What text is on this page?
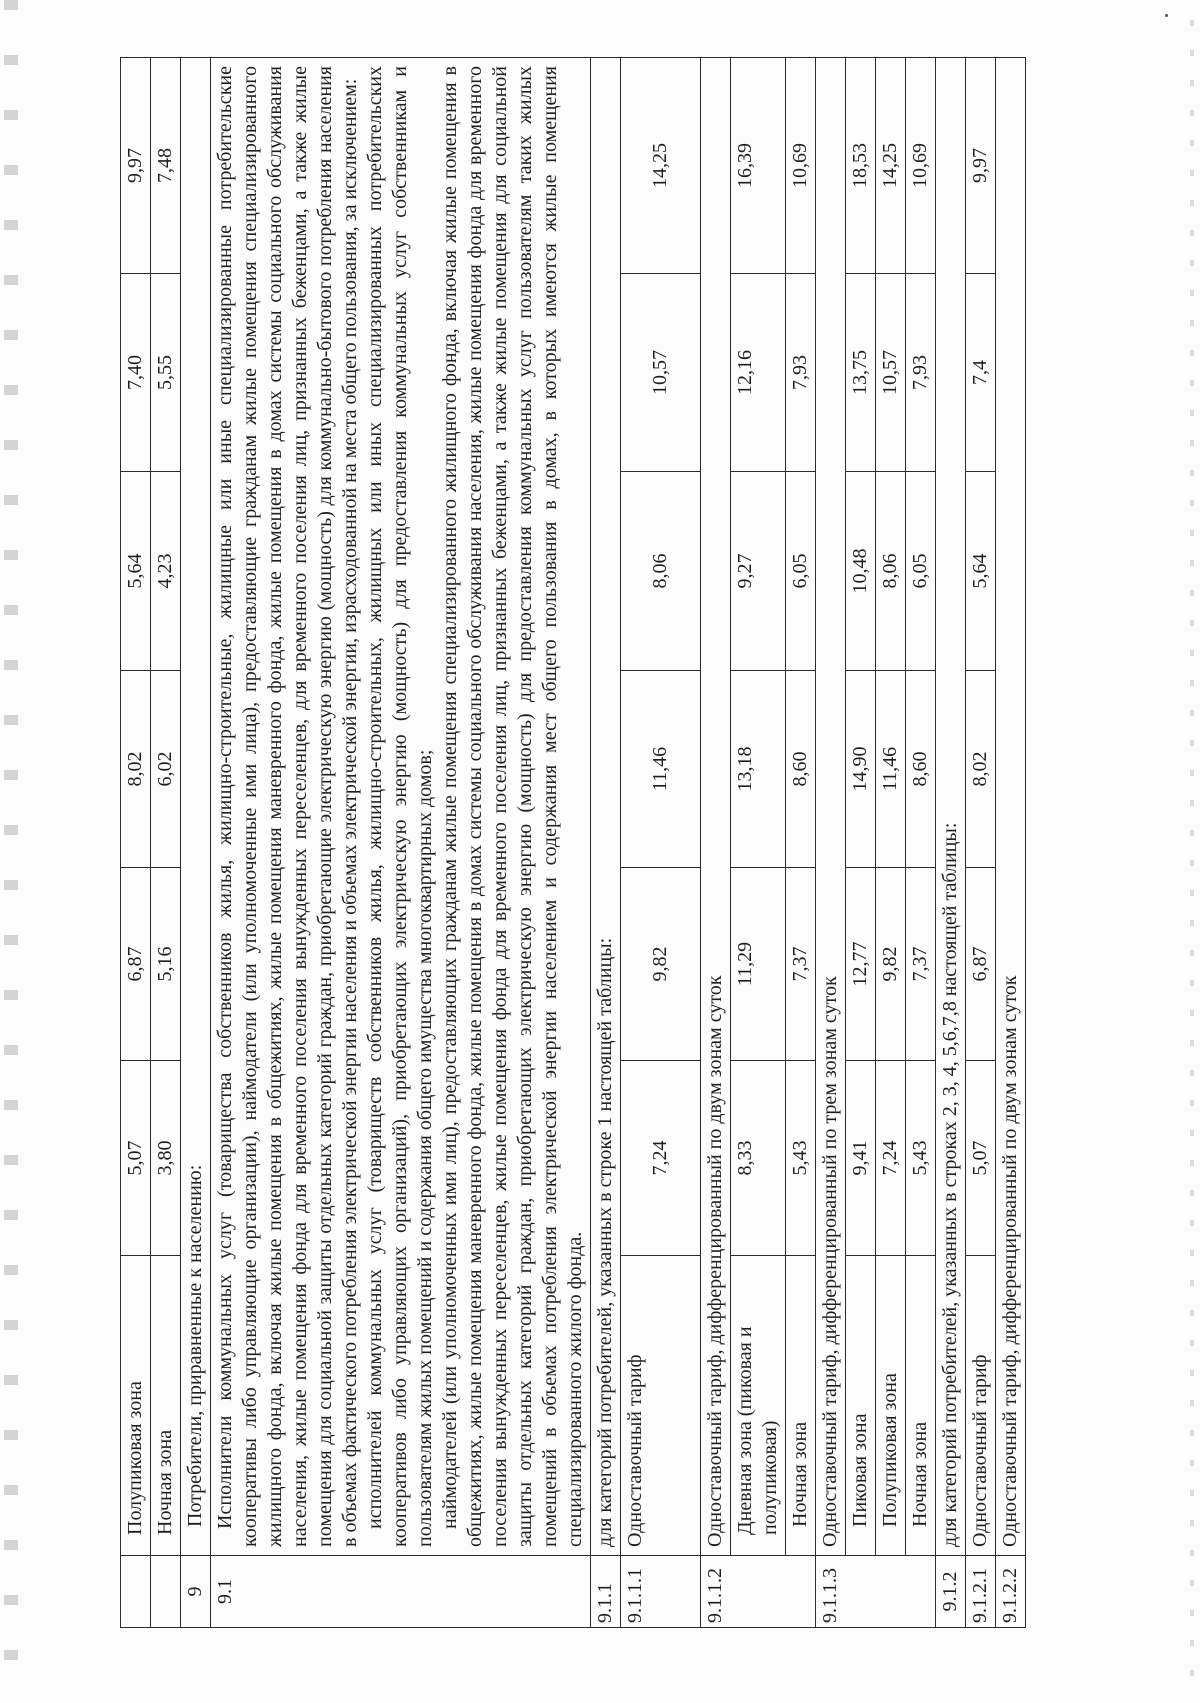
	Полупиковая зона	5,07	6,87	8,02	5,64	7,40	9,97
	Ночная зона	3,80	5,16	6,02	4,23	5,55	7,48
9	Потребители, приравненные к населению:						
9.1	Исполнители коммунальных услуг (товарищества собственников жилья, жилищно-строительные, жилищные или иные специализированные потребительские кооперативы либо управляющие организации), наймодатели (или уполномоченные ими лица), предоставляющие гражданам жилые помещения специализированного жилищного фонда, включая жилые помещения в общежитиях, жилые помещения маневренного фонда, жилые помещения в домах системы социального обслуживания населения, жилые помещения фонда для временного поселения вынужденных переселенцев, для временного поселения лиц, признанных беженцами, а также жилые помещения для социальной защиты отдельных категорий граждан, приобретающие электрическую энергию (мощность) для коммунально-бытового потребления населения в объемах фактического потребления электрической энергии населения и объемах электрической энергии, израсходованной на места общего пользования, за исключением: исполнителей коммунальных услуг (товариществ собственников жилья, жилищно-строительных, жилищных или иных специализированных потребительских кооперативов либо управляющих организаций), приобретающих электрическую энергию (мощность) для предоставления коммунальных услуг собственникам и пользователям жилых помещений и содержания общего имущества многоквартирных домов; наймодателей (или уполномоченных ими лиц), предоставляющих гражданам жилые помещения специализированного жилищного фонда, включая жилые помещения в общежитиях, жилые помещения маневренного фонда, жилые помещения в домах системы социального обслуживания населения, жилые помещения фонда для временного поселения вынужденных переселенцев, жилые помещения фонда для временного поселения лиц, признанных беженцами, а также жилые помещения для социальной защиты отдельных категорий граждан, приобретающих электрическую энергию (мощность) для предоставления коммунальных услуг пользователям таких жилых помещений в объемах потребления электрической энергии населением и содержания мест общего пользования в домах, в которых имеются жилые помещения специализированного жилого фонда.						

9.1.1	для категорий потребителей, указанных в строке 1 настоящей таблицы:						
9.1.1.1	Одноставочный тариф	7,24	9,82	11,46	8,06	10,57	14,25
9.1.1.2	Одноставочный тариф, дифференцированный по двум зонам суток						
	Дневная зона (пиковая и полупиковая)	8,33	11,29	13,18	9,27	12,16	16,39
	Ночная зона	5,43	7,37	8,60	6,05	7,93	10,69
9.1.1.3	Одноставочный тариф, дифференцированный по трем зонам суток						
	Пиковая зона	9,41	12,77	14,90	10,48	13,75	18,53
	Полупиковая зона	7,24	9,82	11,46	8,06	10,57	14,25
	Ночная зона	5,43	7,37	8,60	6,05	7,93	10,69
9.1.2	для категорий потребителей, указанных в строках 2, 3, 4, 5,6,7,8 настоящей таблицы:						
9.1.2.1	Одноставочный тариф	5,07	6,87	8,02	5,64	7,4	9,97
9.1.2.2	Одноставочный тариф, дифференцированный по двум зонам суток						
